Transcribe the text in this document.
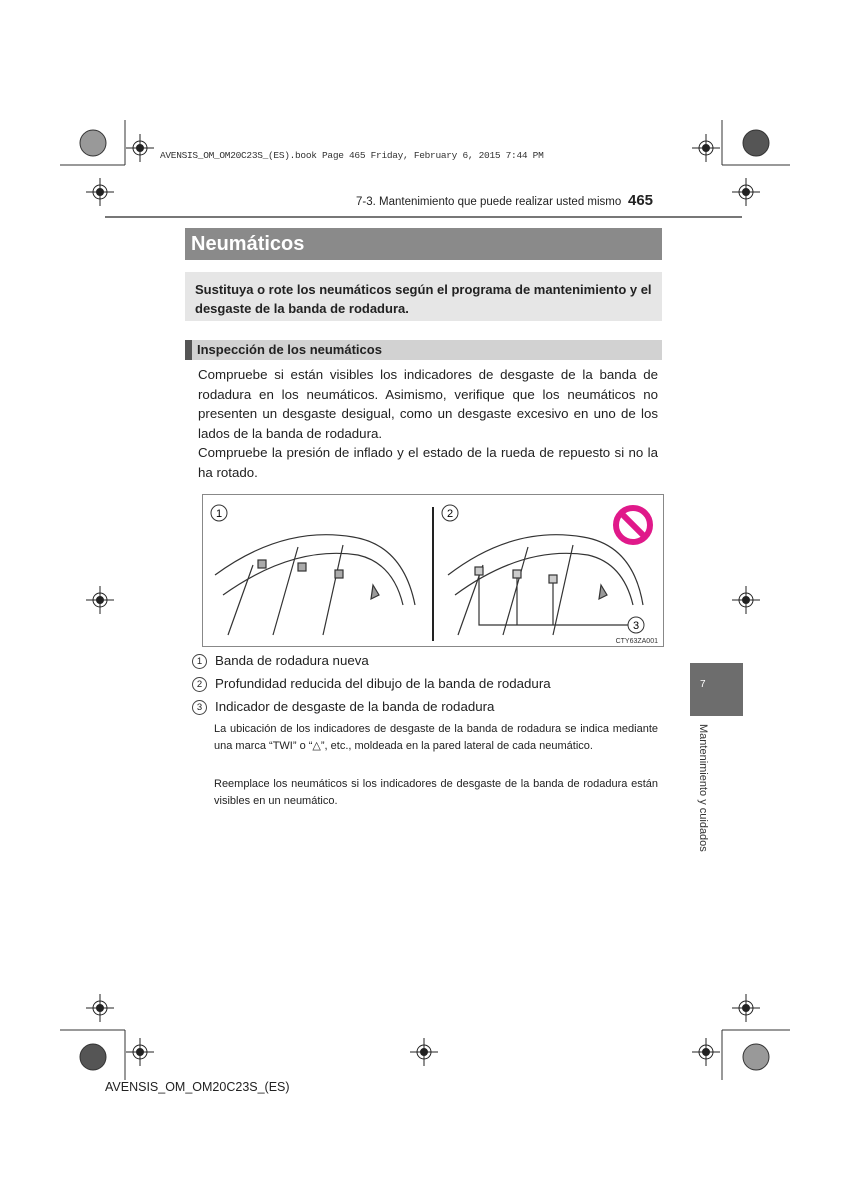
AVENSIS_OM_OM20C23S_(ES).book Page 465 Friday, February 6, 2015 7:44 PM
7-3. Mantenimiento que puede realizar usted mismo 465
Neumáticos
Sustituya o rote los neumáticos según el programa de mantenimiento y el desgaste de la banda de rodadura.
Inspección de los neumáticos
Compruebe si están visibles los indicadores de desgaste de la banda de rodadura en los neumáticos. Asimismo, verifique que los neumáticos no presenten un desgaste desigual, como un desgaste excesivo en uno de los lados de la banda de rodadura.
Compruebe la presión de inflado y el estado de la rueda de repuesto si no la ha rotado.
1	2
3
CTY63ZA001
1 Banda de rodadura nueva
2 Profundidad reducida del dibujo de la banda de rodadura
3 Indicador de desgaste de la banda de rodadura
La ubicación de los indicadores de desgaste de la banda de rodadura se indica mediante una marca “TWI” o “△”, etc., moldeada en la pared lateral de cada neumático.
Reemplace los neumáticos si los indicadores de desgaste de la banda de rodadura están visibles en un neumático.
7
Mantenimiento y cuidados
AVENSIS_OM_OM20C23S_(ES)
